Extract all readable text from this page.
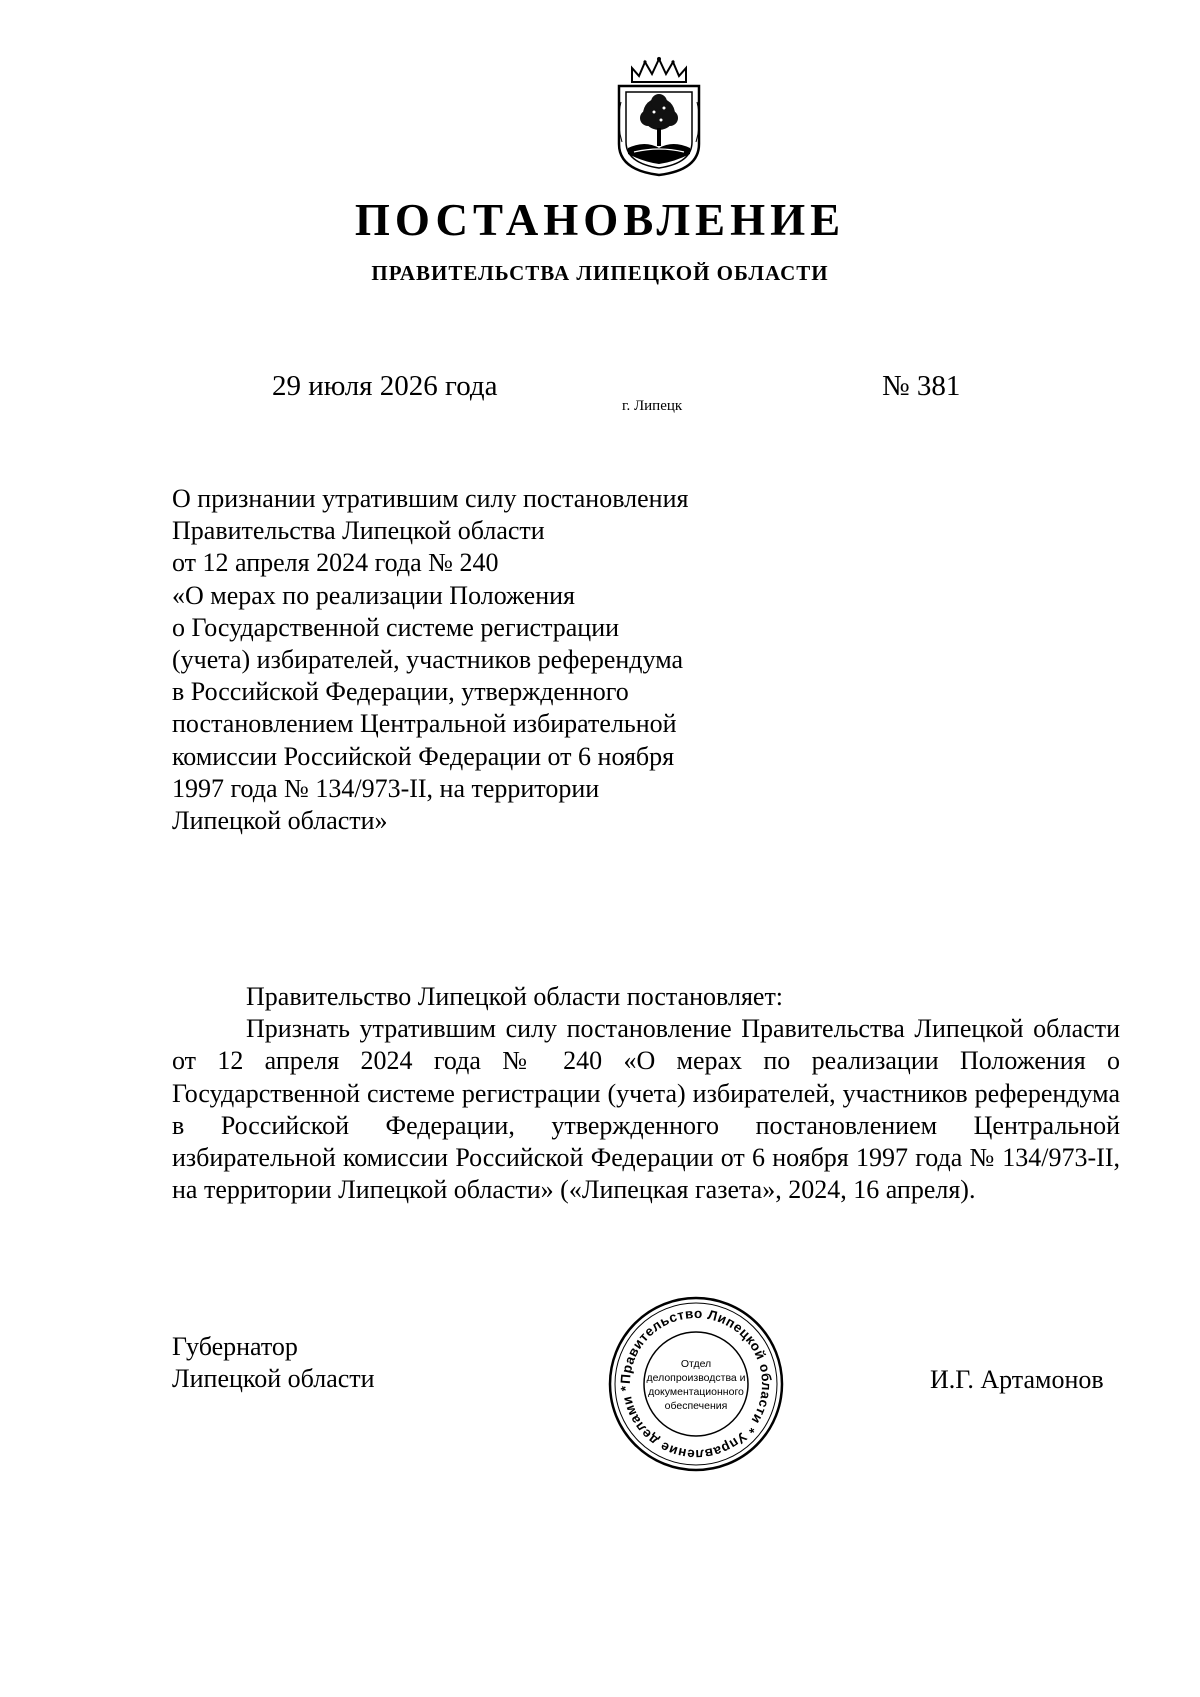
ПОСТАНОВЛЕНИЕ
ПРАВИТЕЛЬСТВА ЛИПЕЦКОЙ ОБЛАСТИ
29 июля 2026 года
г. Липецк
№ 381
О признании утратившим силу постановления
Правительства Липецкой области
от 12 апреля 2024 года № 240
«О мерах по реализации Положения
о Государственной системе регистрации
(учета) избирателей, участников референдума
в Российской Федерации, утвержденного
постановлением Центральной избирательной
комиссии Российской Федерации от 6 ноября
1997 года № 134/973-II, на территории
Липецкой области»

Правительство Липецкой области постановляет:

Признать утратившим силу постановление Правительства Липецкой области от 12 апреля 2024 года № 240 «О мерах по реализации Положения о Государственной системе регистрации (учета) избирателей, участников референдума в Российской Федерации, утвержденного постановлением Центральной избирательной комиссии Российской Федерации от 6 ноября 1997 года № 134/973-II, на территории Липецкой области» («Липецкая газета», 2024, 16 апреля).

Губернатор
Липецкой области	Правительство Липецкой области * Управление делами *
Отдел
делопроизводства и
документационного
обеспечения
И.Г. Артамонов
